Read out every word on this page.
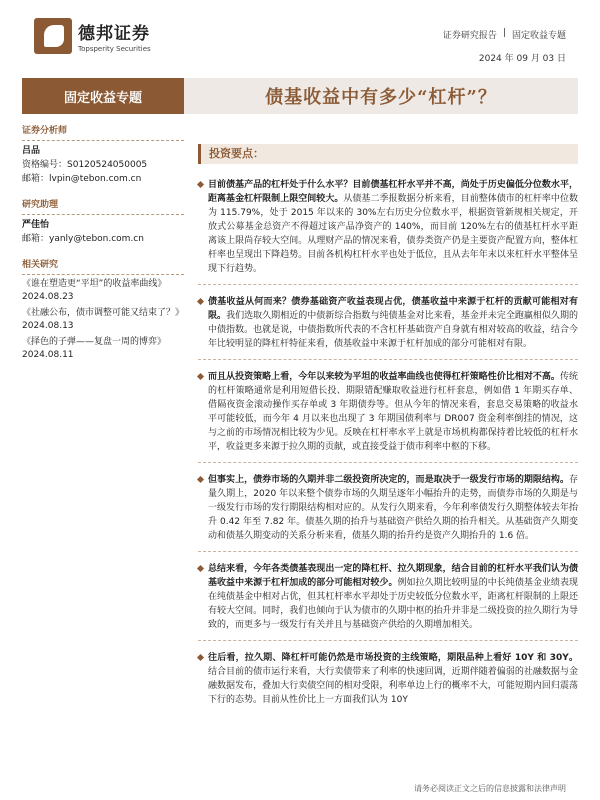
德邦证券
Topsperity Securities
证券研究报告 | 固定收益专题
2024 年 09 月 03 日
固定收益专题	债基收益中有多少“杠杆”？
证券分析师
吕品
资格编号：S0120524050005
邮箱：lvpin@tebon.com.cn
研究助理
严佳怡
邮箱：yanly@tebon.com.cn
相关研究
《谁在塑造更“平坦”的收益率曲线》
2024.08.23
《社融公布，债市调整可能又结束了？》
2024.08.13
《择色的子弹——复盘一周的博弈》
2024.08.11
投资要点：
目前债基产品的杠杆处于什么水平？目前债基杠杆水平并不高，尚处于历史偏低分位数水平，距离基金杠杆限制上限空间较大。从债基二季报数据分析来看，目前整体债市的杠杆率中位数为 115.79%，处于 2015 年以来的 30%左右历史分位数水平，根据资管新规相关规定，开放式公募基金总资产不得超过该产品净资产的 140%，而目前 120%左右的债基杠杆水平距离该上限尚存较大空间。从理财产品的情况来看，债券类资产仍是主要资产配置方向，整体杠杆率也呈现出下降趋势。目前各机构杠杆水平也处于低位，且从去年年末以来杠杆水平整体呈现下行趋势。
债基收益从何而来？债券基础资产收益表现占优，债基收益中来源于杠杆的贡献可能相对有限。我们选取久期相近的中债新综合指数与纯债基金对比来看，基金并未完全跑赢相似久期的中债指数。也就是说，中债指数所代表的不含杠杆基础资产自身就有相对较高的收益，结合今年比较明显的降杠杆特征来看，债基收益中来源于杠杆加成的部分可能相对有限。
而且从投资策略上看，今年以来较为平坦的收益率曲线也使得杠杆策略性价比相对不高。传统的杠杆策略通常是利用短借长投、期限错配赚取收益进行杠杆套息，例如借 1 年期买存单、借隔夜资金滚动操作买存单或 3 年期债券等。但从今年的情况来看，套息交易策略的收益水平可能较低，而今年 4 月以来也出现了 3 年期国债利率与 DR007 资金利率倒挂的情况，这与之前的市场情况相比较为少见。反映在杠杆率水平上就是市场机构都保持着比较低的杠杆水平，收益更多来源于拉久期的贡献，或直接受益于债市利率中枢的下移。
但事实上，债券市场的久期并非二级投资所决定的，而是取决于一级发行市场的期限结构。存量久期上，2020 年以来整个债券市场的久期呈逐年小幅抬升的走势，而债券市场的久期是与一级发行市场的发行期限结构相对应的。从发行久期来看，今年利率债发行久期整体较去年抬升 0.42 年至 7.82 年。债基久期的抬升与基础资产供给久期的抬升相关。从基础资产久期变动和债基久期变动的关系分析来看，债基久期的抬升约是资产久期抬升的 1.6 倍。
总结来看，今年各类债基表现出一定的降杠杆、拉久期现象，结合目前的杠杆水平我们认为债基收益中来源于杠杆加成的部分可能相对较少。例如拉久期比较明显的中长纯债基金业绩表现在纯债基金中相对占优，但其杠杆率水平却处于历史较低分位数水平，距离杠杆限制的上限还有较大空间。同时，我们也倾向于认为债市的久期中枢的抬升并非是二级投资的拉久期行为导致的，而更多与一级发行有关并且与基础资产供给的久期增加相关。
往后看，拉久期、降杠杆可能仍然是市场投资的主线策略，期限品种上看好 10Y 和 30Y。结合目前的债市运行来看，大行卖债带来了利率的快速回调，近期伴随着偏弱的社融数据与金融数据发布，叠加大行卖债空间的相对受限，利率单边上行的概率不大，可能短期内回归震荡下行的态势。目前从性价比上一方面我们认为 10Y
请务必阅读正文之后的信息披露和法律声明
